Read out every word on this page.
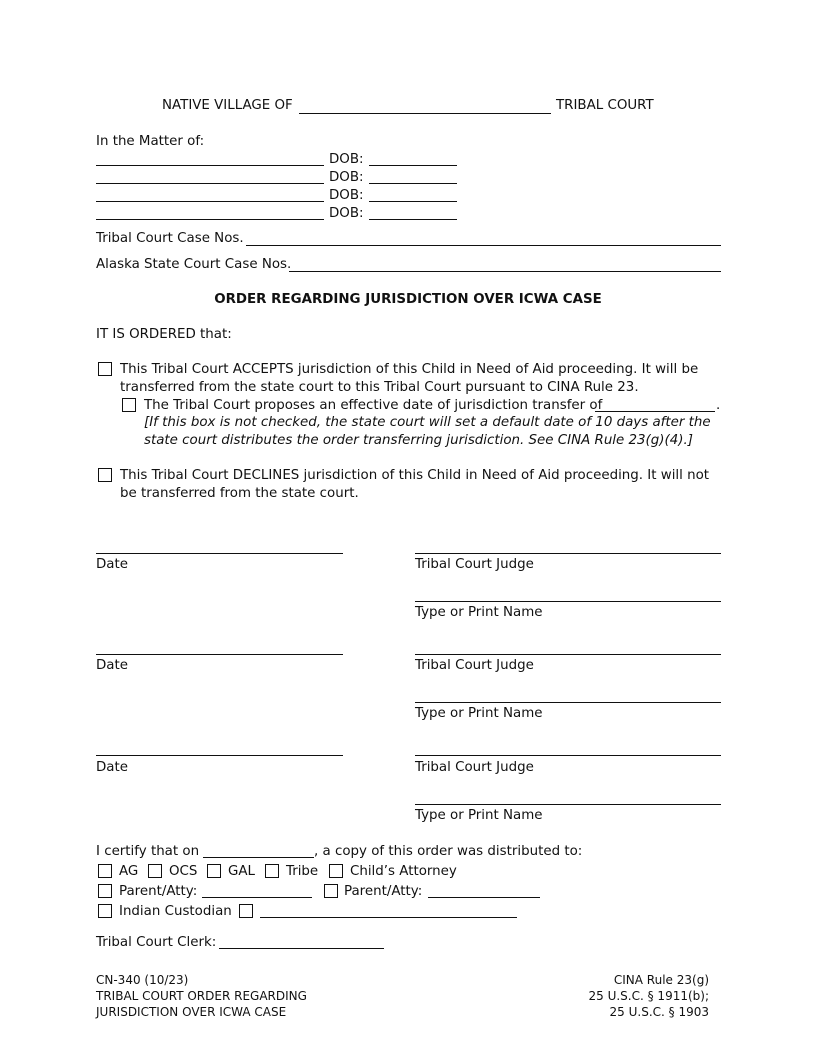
NATIVE VILLAGE OF	TRIBAL COURT
In the Matter of:
DOB:
DOB:
DOB:
DOB:
Tribal Court Case Nos.
Alaska State Court Case Nos.
ORDER REGARDING JURISDICTION OVER ICWA CASE
IT IS ORDERED that:
This Tribal Court ACCEPTS jurisdiction of this Child in Need of Aid proceeding. It will be
transferred from the state court to this Tribal Court pursuant to CINA Rule 23.
The Tribal Court proposes an effective date of jurisdiction transfer of	.
[If this box is not checked, the state court will set a default date of 10 days after the
state court distributes the order transferring jurisdiction. See CINA Rule 23(g)(4).]
This Tribal Court DECLINES jurisdiction of this Child in Need of Aid proceeding. It will not
be transferred from the state court.
Date	Tribal Court Judge
Type or Print Name
Date	Tribal Court Judge
Type or Print Name
Date	Tribal Court Judge
Type or Print Name
I certify that on	, a copy of this order was distributed to:
AG OCS GAL Tribe Child’s Attorney
Parent/Atty:	Parent/Atty:
Indian Custodian
Tribal Court Clerk:
CN-340 (10/23)
TRIBAL COURT ORDER REGARDING
JURISDICTION OVER ICWA CASE
CINA Rule 23(g)
25 U.S.C. § 1911(b);
25 U.S.C. § 1903
